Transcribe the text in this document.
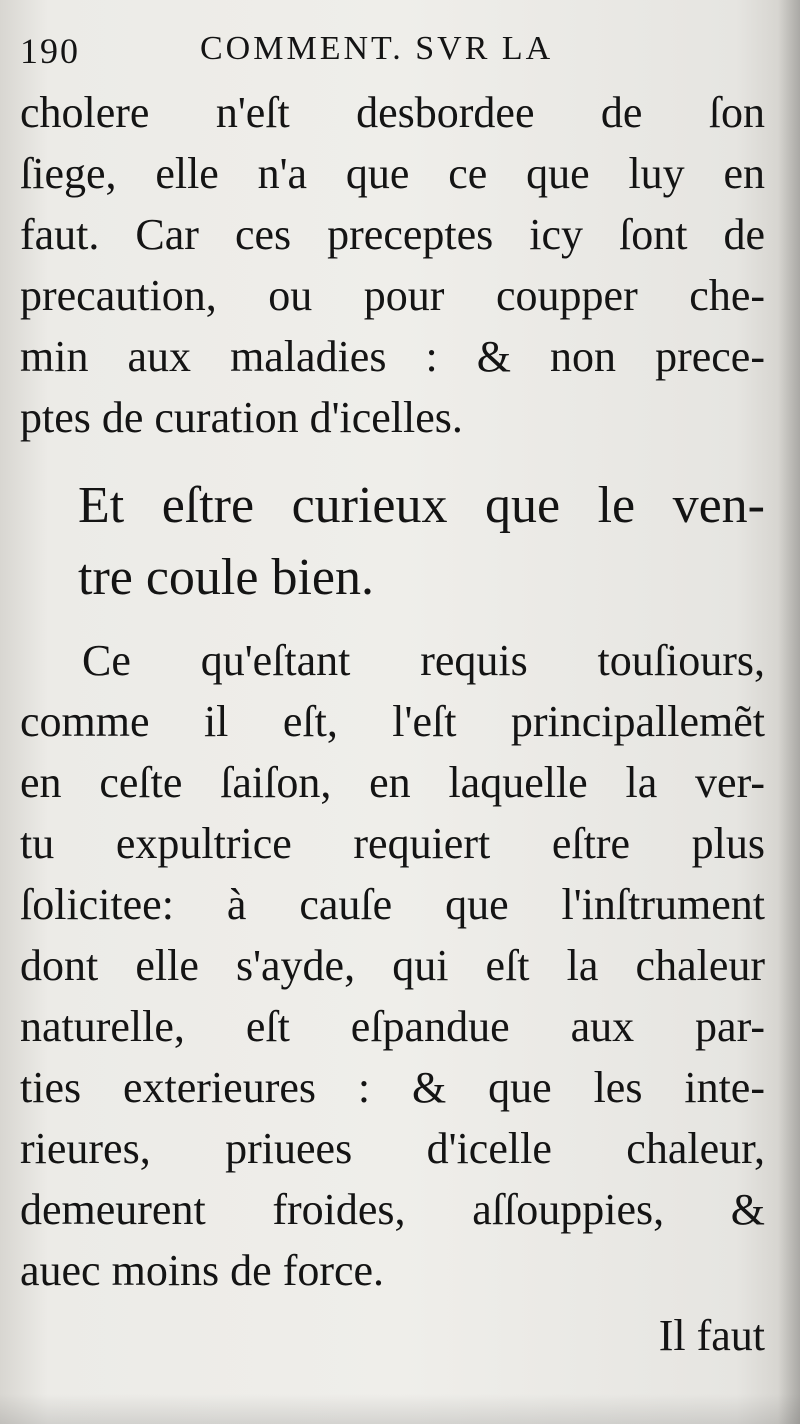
190	COMMENT. SVR LA
cholere n'eſt desbordee de ſon
ſiege, elle n'a que ce que luy en
faut. Car ces preceptes icy ſont de
precaution, ou pour coupper che-
min aux maladies : & non prece-
ptes de curation d'icelles.
Et eſtre curieux que le ven-
tre coule bien.
Ce qu'eſtant requis touſiours,
comme il eſt, l'eſt principallemẽt
en ceſte ſaiſon, en laquelle la ver-
tu expultrice requiert eſtre plus
ſolicitee: à cauſe que l'inſtrument
dont elle s'ayde, qui eſt la chaleur
naturelle, eſt eſpandue aux par-
ties exterieures : & que les inte-
rieures, priuees d'icelle chaleur,
demeurent froides, aſſouppies, &
auec moins de force.
Il faut
